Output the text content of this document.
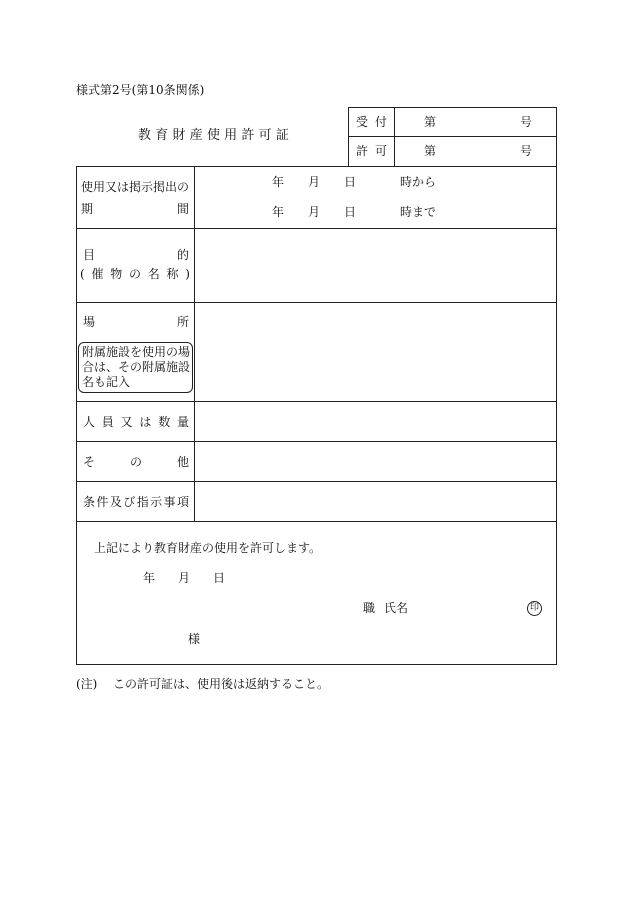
様式第2号(第10条関係)
教 育 財 産 使 用 許 可 証
受 付	第	号
許 可	第	号
使用又は掲示掲出の
期	間
年 月 日	時から
年 月 日	時まで
目	的
( 催 物 の 名 称 )
場	所
附属施設を使用の場
合は、その附属施設
名も記入
人 員 又 は 数 量
そ	の	他
条 件 及 び 指 示 事 項
上記により教育財産の使用を許可します。
年 月 日
職 氏名	印
様
(注) この許可証は、使用後は返納すること。
